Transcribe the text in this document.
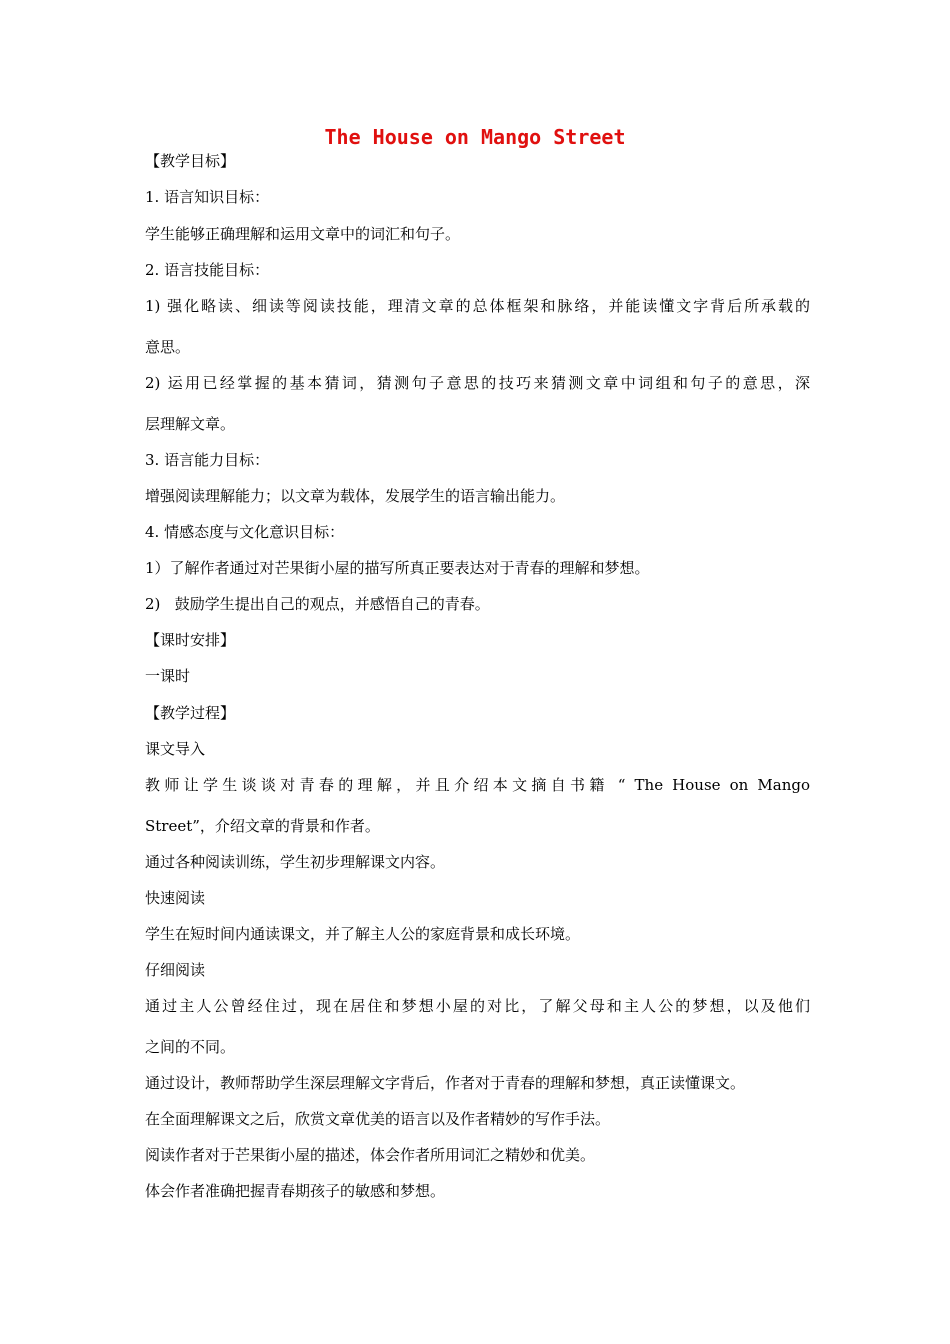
The House on Mango Street

【教学目标】

1. 语言知识目标：

学生能够正确理解和运用文章中的词汇和句子。

2. 语言技能目标：

1) 强化略读、细读等阅读技能，理清文章的总体框架和脉络，并能读懂文字背后所承载的

意思。

2) 运用已经掌握的基本猜词，猜测句子意思的技巧来猜测文章中词组和句子的意思，深

层理解文章。

3. 语言能力目标：

增强阅读理解能力；以文章为载体，发展学生的语言输出能力。

4. 情感态度与文化意识目标：

1）了解作者通过对芒果街小屋的描写所真正要表达对于青春的理解和梦想。

2)   鼓励学生提出自己的观点，并感悟自己的青春。

【课时安排】

一课时

【教学过程】

课文导入

教师让学生谈谈对青春的理解，并且介绍本文摘自书籍 “ The House on Mango

Street”，介绍文章的背景和作者。

通过各种阅读训练，学生初步理解课文内容。

快速阅读

学生在短时间内通读课文，并了解主人公的家庭背景和成长环境。

仔细阅读

通过主人公曾经住过，现在居住和梦想小屋的对比，了解父母和主人公的梦想，以及他们

之间的不同。

通过设计，教师帮助学生深层理解文字背后，作者对于青春的理解和梦想，真正读懂课文。

在全面理解课文之后，欣赏文章优美的语言以及作者精妙的写作手法。

阅读作者对于芒果街小屋的描述，体会作者所用词汇之精妙和优美。

体会作者准确把握青春期孩子的敏感和梦想。
